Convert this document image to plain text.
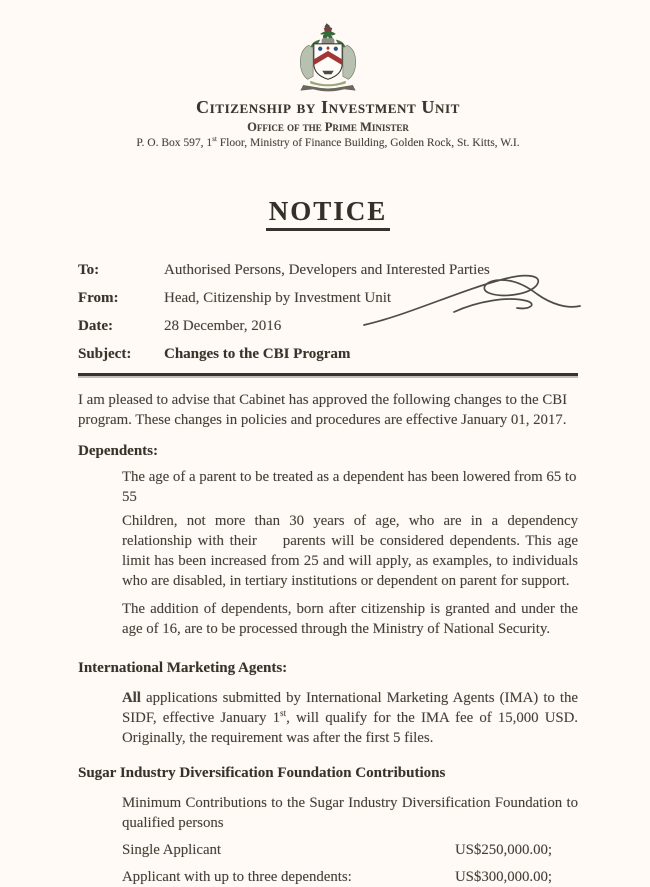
Citizenship by Investment Unit
Office of the Prime Minister
P. O. Box 597, 1st Floor, Ministry of Finance Building, Golden Rock, St. Kitts, W.I.
NOTICE
To:	Authorised Persons, Developers and Interested Parties
From:	Head, Citizenship by Investment Unit
Date:	28 December, 2016
Subject:	Changes to the CBI Program

I am pleased to advise that Cabinet has approved the following changes to the CBI program. These changes in policies and procedures are effective January 01, 2017.

Dependents:

The age of a parent to be treated as a dependent has been lowered from 65 to 55

Children, not more than 30 years of age, who are in a dependency relationship with their parents will be considered dependents. This age limit has been increased from 25 and will apply, as examples, to individuals who are disabled, in tertiary institutions or dependent on parent for support.

The addition of dependents, born after citizenship is granted and under the age of 16, are to be processed through the Ministry of National Security.

International Marketing Agents:

All applications submitted by International Marketing Agents (IMA) to the SIDF, effective January 1st, will qualify for the IMA fee of 15,000 USD. Originally, the requirement was after the first 5 files.

Sugar Industry Diversification Foundation Contributions

Minimum Contributions to the Sugar Industry Diversification Foundation to qualified persons

Single Applicant	US$250,000.00;
Applicant with up to three dependents:	US$300,000.00;
